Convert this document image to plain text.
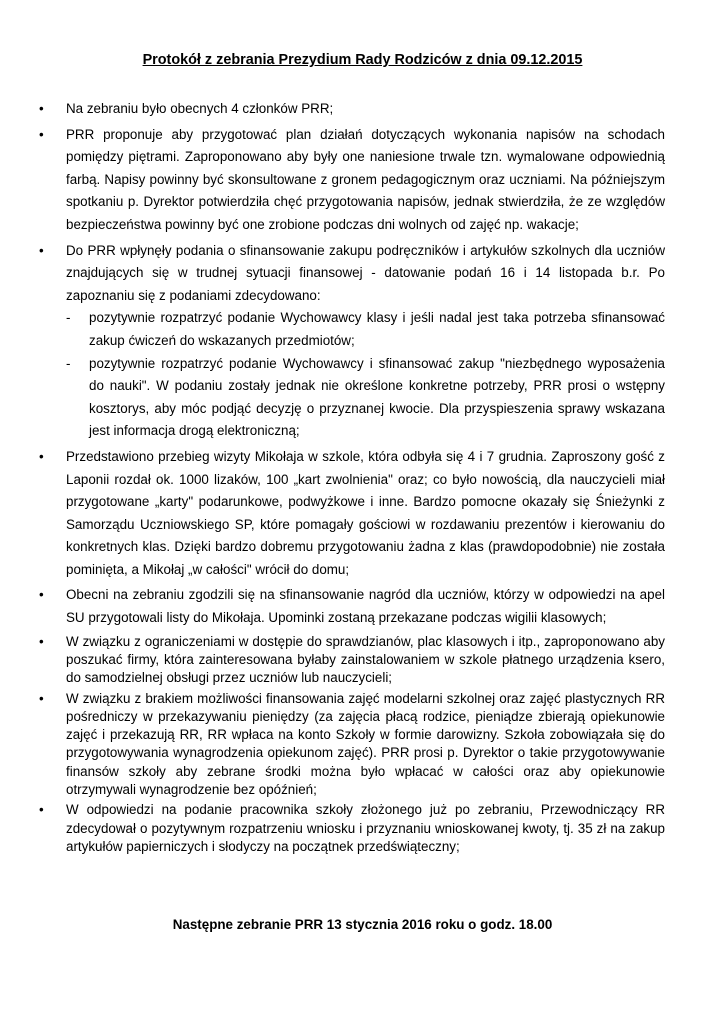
Protokół z zebrania Prezydium Rady Rodziców z dnia 09.12.2015
• Na zebraniu było obecnych 4 członków PRR;
• PRR proponuje aby przygotować plan działań dotyczących wykonania napisów na schodach pomiędzy piętrami. Zaproponowano aby były one naniesione trwale tzn. wymalowane odpowiednią farbą. Napisy powinny być skonsultowane z gronem pedagogicznym oraz uczniami. Na późniejszym spotkaniu p. Dyrektor potwierdziła chęć przygotowania napisów, jednak stwierdziła, że ze względów bezpieczeństwa powinny być one zrobione podczas dni wolnych od zajęć np. wakacje;
• Do PRR wpłynęły podania o sfinansowanie zakupu podręczników i artykułów szkolnych dla uczniów znajdujących się w trudnej sytuacji finansowej - datowanie podań 16 i 14 listopada b.r. Po zapoznaniu się z podaniami zdecydowano:
- pozytywnie rozpatrzyć podanie Wychowawcy klasy i jeśli nadal jest taka potrzeba sfinansować zakup ćwiczeń do wskazanych przedmiotów;
- pozytywnie rozpatrzyć podanie Wychowawcy i sfinansować zakup "niezbędnego wyposażenia do nauki". W podaniu zostały jednak nie określone konkretne potrzeby, PRR prosi o wstępny kosztorys, aby móc podjąć decyzję o przyznanej kwocie. Dla przyspieszenia sprawy wskazana jest informacja drogą elektroniczną;
• Przedstawiono przebieg wizyty Mikołaja w szkole, która odbyła się 4 i 7 grudnia. Zaproszony gość z Laponii rozdał ok. 1000 lizaków, 100 „kart zwolnienia" oraz; co było nowością, dla nauczycieli miał przygotowane „karty" podarunkowe, podwyżkowe i inne. Bardzo pomocne okazały się Śnieżynki z Samorządu Uczniowskiego SP, które pomagały gościowi w rozdawaniu prezentów i kierowaniu do konkretnych klas. Dzięki bardzo dobremu przygotowaniu żadna z klas (prawdopodobnie) nie została pominięta, a Mikołaj „w całości" wrócił do domu;
• Obecni na zebraniu zgodzili się na sfinansowanie nagród dla uczniów, którzy w odpowiedzi na apel SU przygotowali listy do Mikołaja. Upominki zostaną przekazane podczas wigilii klasowych;
• W związku z ograniczeniami w dostępie do sprawdzianów, plac klasowych i itp., zaproponowano aby poszukać firmy, która zainteresowana byłaby zainstalowaniem w szkole płatnego urządzenia ksero, do samodzielnej obsługi przez uczniów lub nauczycieli;
• W związku z brakiem możliwości finansowania zajęć modelarni szkolnej oraz zajęć plastycznych RR pośredniczy w przekazywaniu pieniędzy (za zajęcia płacą rodzice, pieniądze zbierają opiekunowie zajęć i przekazują RR, RR wpłaca na konto Szkoły w formie darowizny. Szkoła zobowiązała się do przygotowywania wynagrodzenia opiekunom zajęć). PRR prosi p. Dyrektor o takie przygotowywanie finansów szkoły aby zebrane środki można było wpłacać w całości oraz aby opiekunowie otrzymywali wynagrodzenie bez opóźnień;
• W odpowiedzi na podanie pracownika szkoły złożonego już po zebraniu, Przewodniczący RR zdecydował o pozytywnym rozpatrzeniu wniosku i przyznaniu wnioskowanej kwoty, tj. 35 zł na zakup artykułów papierniczych i słodyczy na początnek przedświąteczny;
Następne zebranie PRR 13 stycznia 2016 roku o godz. 18.00
